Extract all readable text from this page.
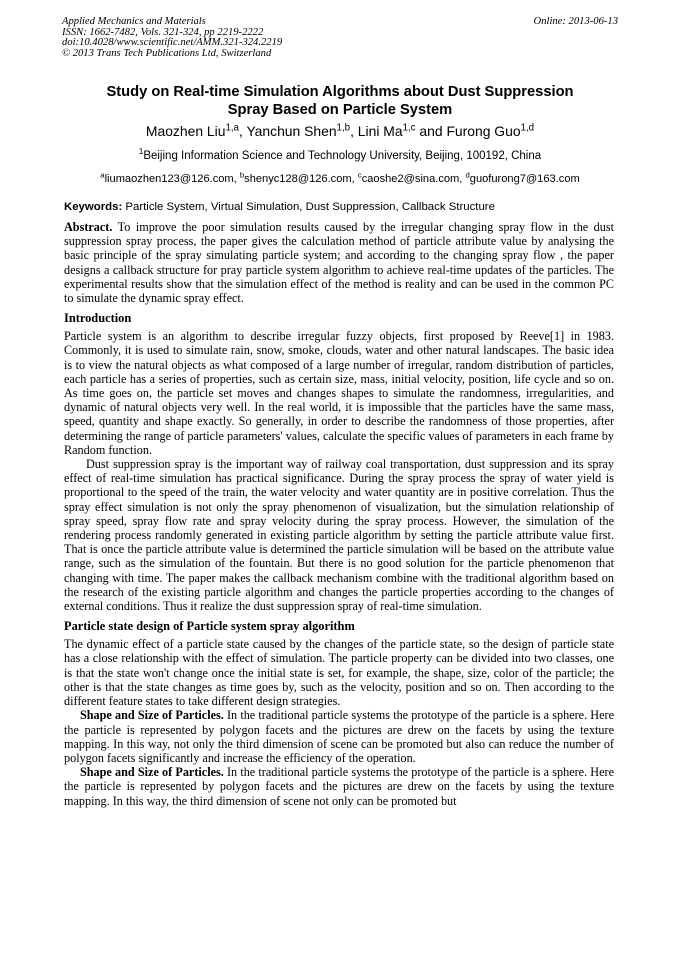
Applied Mechanics and Materials
ISSN: 1662-7482, Vols. 321-324, pp 2219-2222
doi:10.4028/www.scientific.net/AMM.321-324.2219
© 2013 Trans Tech Publications Ltd, Switzerland
Online: 2013-06-13
Study on Real-time Simulation Algorithms about Dust Suppression
Spray Based on Particle System
Maozhen Liu$^{1,a}$, Yanchun Shen$^{1,b}$, Lini Ma$^{1,c}$ and Furong Guo$^{1,d}$
$^1$Beijing Information Science and Technology University, Beijing, 100192, China
$^a$liumaozhen123@126.com, $^b$shenyc128@126.com, $^c$caoshe2@sina.com, $^d$guofurong7@163.com
Keywords: Particle System, Virtual Simulation, Dust Suppression, Callback Structure

Abstract. To improve the poor simulation results caused by the irregular changing spray flow in the dust suppression spray process, the paper gives the calculation method of particle attribute value by analysing the basic principle of the spray simulating particle system; and according to the changing spray flow , the paper designs a callback structure for pray particle system algorithm to achieve real-time updates of the particles. The experimental results show that the simulation effect of the method is reality and can be used in the common PC to simulate the dynamic spray effect.

Introduction

Particle system is an algorithm to describe irregular fuzzy objects, first proposed by Reeve[1] in 1983. Commonly, it is used to simulate rain, snow, smoke, clouds, water and other natural landscapes. The basic idea is to view the natural objects as what composed of a large number of irregular, random distribution of particles, each particle has a series of properties, such as certain size, mass, initial velocity, position, life cycle and so on. As time goes on, the particle set moves and changes shapes to simulate the randomness, irregularities, and dynamic of natural objects very well. In the real world, it is impossible that the particles have the same mass, speed, quantity and shape exactly. So generally, in order to describe the randomness of those properties, after determining the range of particle parameters' values, calculate the specific values of parameters in each frame by Random function.

Dust suppression spray is the important way of railway coal transportation, dust suppression and its spray effect of real-time simulation has practical significance. During the spray process the spray of water yield is proportional to the speed of the train, the water velocity and water quantity are in positive correlation. Thus the spray effect simulation is not only the spray phenomenon of visualization, but the simulation relationship of spray speed, spray flow rate and spray velocity during the spray process. However, the simulation of the rendering process randomly generated in existing particle algorithm by setting the particle attribute value first. That is once the particle attribute value is determined the particle simulation will be based on the attribute value range, such as the simulation of the fountain. But there is no good solution for the particle phenomenon that changing with time. The paper makes the callback mechanism combine with the traditional algorithm based on the research of the existing particle algorithm and changes the particle properties according to the changes of external conditions. Thus it realize the dust suppression spray of real-time simulation.

Particle state design of Particle system spray algorithm

The dynamic effect of a particle state caused by the changes of the particle state, so the design of particle state has a close relationship with the effect of simulation. The particle property can be divided into two classes, one is that the state won't change once the initial state is set, for example, the shape, size, color of the particle; the other is that the state changes as time goes by, such as the velocity, position and so on. Then according to the different feature states to take different design strategies.

Shape and Size of Particles. In the traditional particle systems the prototype of the particle is a sphere. Here the particle is represented by polygon facets and the pictures are drew on the facets by using the texture mapping. In this way, not only the third dimension of scene can be promoted but also can reduce the number of polygon facets significantly and increase the efficiency of the operation.

Shape and Size of Particles. In the traditional particle systems the prototype of the particle is a sphere. Here the particle is represented by polygon facets and the pictures are drew on the facets by using the texture mapping. In this way, the third dimension of scene not only can be promoted but
